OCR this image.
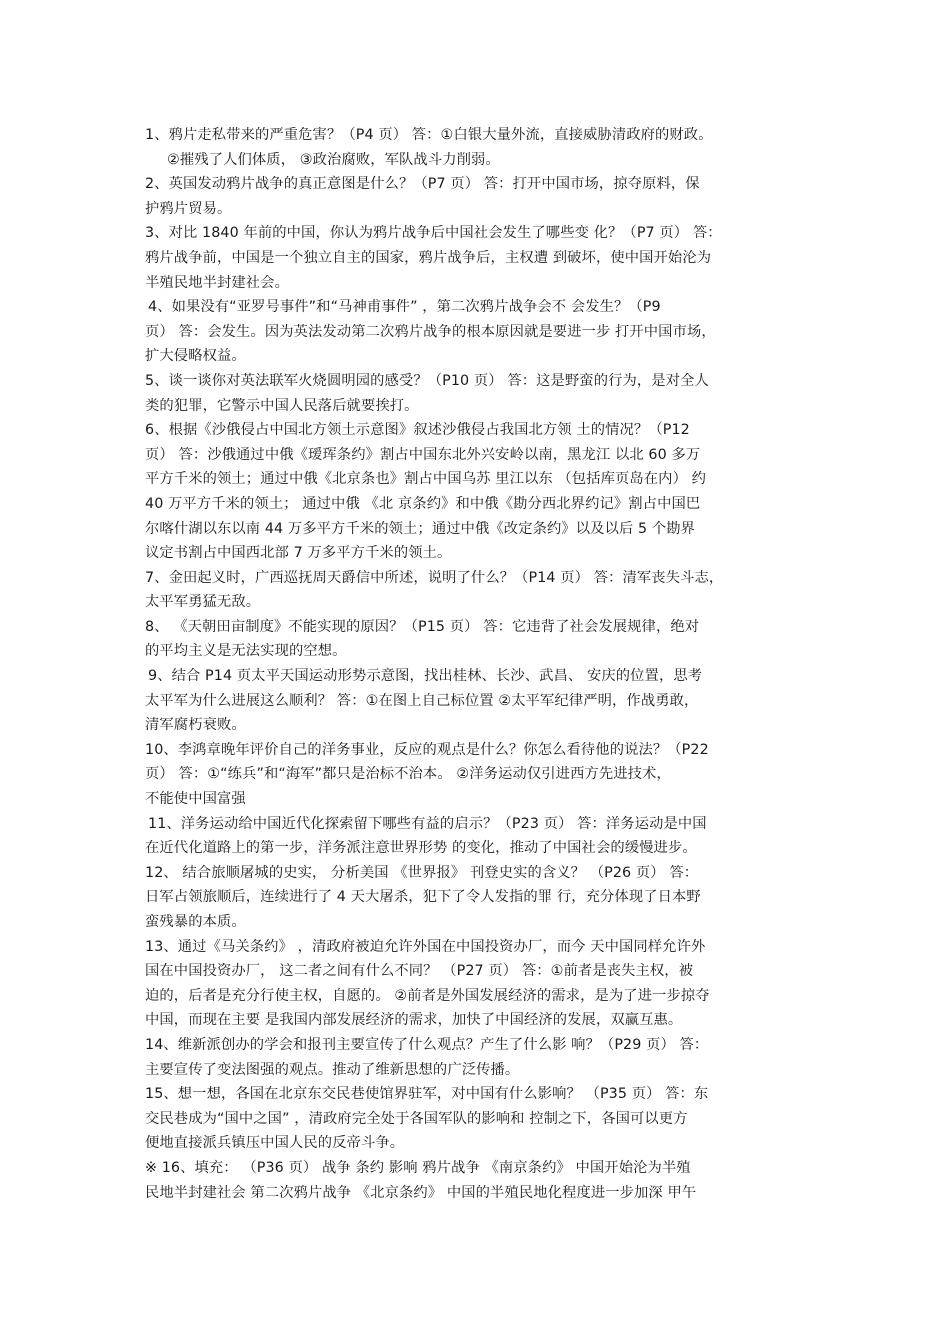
1、鸦片走私带来的严重危害？（P4 页） 答：①白银大量外流，直接威胁清政府的财政。
②摧残了人们体质， ③政治腐败，军队战斗力削弱。
2、英国发动鸦片战争的真正意图是什么？（P7 页） 答：打开中国市场，掠夺原料，保
护鸦片贸易。
3、对比 1840 年前的中国，你认为鸦片战争后中国社会发生了哪些变 化？（P7 页） 答：
鸦片战争前，中国是一个独立自主的国家，鸦片战争后，主权遭 到破坏，使中国开始沦为
半殖民地半封建社会。
4、如果没有“亚罗号事件”和“马神甫事件” ，第二次鸦片战争会不 会发生？（P9
页） 答：会发生。因为英法发动第二次鸦片战争的根本原因就是要进一步 打开中国市场，
扩大侵略权益。
5、谈一谈你对英法联军火烧圆明园的感受？（P10 页） 答：这是野蛮的行为，是对全人
类的犯罪，它警示中国人民落后就要挨打。
6、根据《沙俄侵占中国北方领土示意图》叙述沙俄侵占我国北方领 土的情况？（P12
页） 答：沙俄通过中俄《瑷珲条约》割占中国东北外兴安岭以南，黑龙江 以北 60 多万
平方千米的领土；通过中俄《北京条也》割占中国乌苏 里江以东 （包括库页岛在内） 约
40 万平方千米的领土； 通过中俄 《北 京条约》和中俄《勘分西北界约记》割占中国巴
尔喀什湖以东以南 44 万多平方千米的领土；通过中俄《改定条约》以及以后 5 个勘界
议定书割占中国西北部 7 万多平方千米的领土。
7、金田起义时，广西巡抚周天爵信中所述，说明了什么？（P14 页） 答：清军丧失斗志，
太平军勇猛无敌。
8、 《天朝田亩制度》不能实现的原因？（P15 页） 答：它违背了社会发展规律，绝对
的平均主义是无法实现的空想。
9、结合 P14 页太平天国运动形势示意图，找出桂林、长沙、武昌、 安庆的位置，思考
太平军为什么进展这么顺利？ 答：①在图上自己标位置 ②太平军纪律严明，作战勇敢，
清军腐朽衰败。
10、李鸿章晚年评价自己的洋务事业，反应的观点是什么？你怎么看待他的说法？（P22
页） 答：①“练兵”和“海军”都只是治标不治本。 ②洋务运动仅引进西方先进技术，
不能使中国富强
11、洋务运动给中国近代化探索留下哪些有益的启示？（P23 页） 答：洋务运动是中国
在近代化道路上的第一步，洋务派注意世界形势 的变化，推动了中国社会的缓慢进步。
12、 结合旅顺屠城的史实， 分析美国 《世界报》 刊登史实的含义？ （P26 页） 答：
日军占领旅顺后，连续进行了 4 天大屠杀，犯下了令人发指的罪 行，充分体现了日本野
蛮残暴的本质。
13、通过《马关条约》 ，清政府被迫允许外国在中国投资办厂，而今 天中国同样允许外
国在中国投资办厂， 这二者之间有什么不同？ （P27 页） 答：①前者是丧失主权，被
迫的，后者是充分行使主权，自愿的。 ②前者是外国发展经济的需求，是为了进一步掠夺
中国，而现在主要 是我国内部发展经济的需求，加快了中国经济的发展，双赢互惠。
14、维新派创办的学会和报刊主要宣传了什么观点？产生了什么影 响？（P29 页） 答：
主要宣传了变法图强的观点。推动了维新思想的广泛传播。
15、想一想，各国在北京东交民巷使馆界驻军，对中国有什么影响？ （P35 页） 答：东
交民巷成为“国中之国” ，清政府完全处于各国军队的影响和 控制之下，各国可以更方
便地直接派兵镇压中国人民的反帝斗争。
※ 16、填充： （P36 页） 战争 条约 影响 鸦片战争 《南京条约》 中国开始沦为半殖
民地半封建社会 第二次鸦片战争 《北京条约》 中国的半殖民地化程度进一步加深 甲午
